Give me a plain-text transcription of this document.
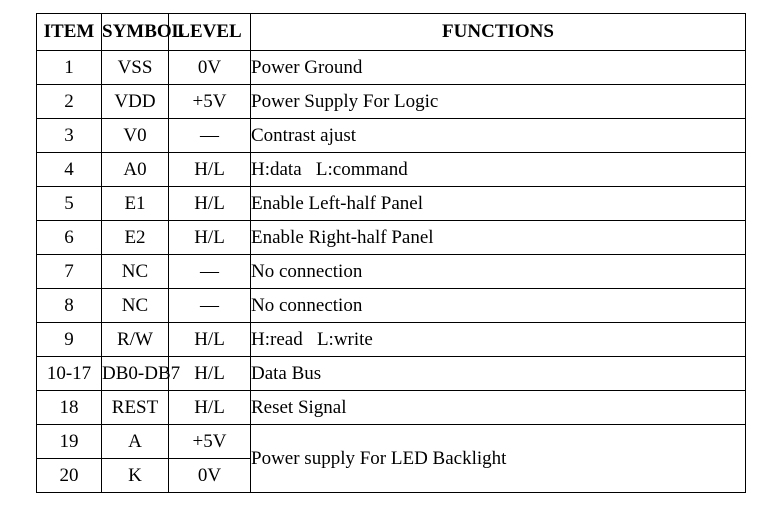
ITEM	SYMBOL	LEVEL	FUNCTIONS
1	VSS	0V	Power Ground
2	VDD	+5V	Power Supply For Logic
3	V0	—	Contrast ajust
4	A0	H/L	H:data   L:command
5	E1	H/L	Enable Left-half Panel
6	E2	H/L	Enable Right-half Panel
7	NC	—	No connection
8	NC	—	No connection
9	R/W	H/L	H:read   L:write
10-17	DB0-DB7	H/L	Data Bus
18	REST	H/L	Reset Signal
19	A	+5V	Power supply For LED Backlight
20	K	0V	
